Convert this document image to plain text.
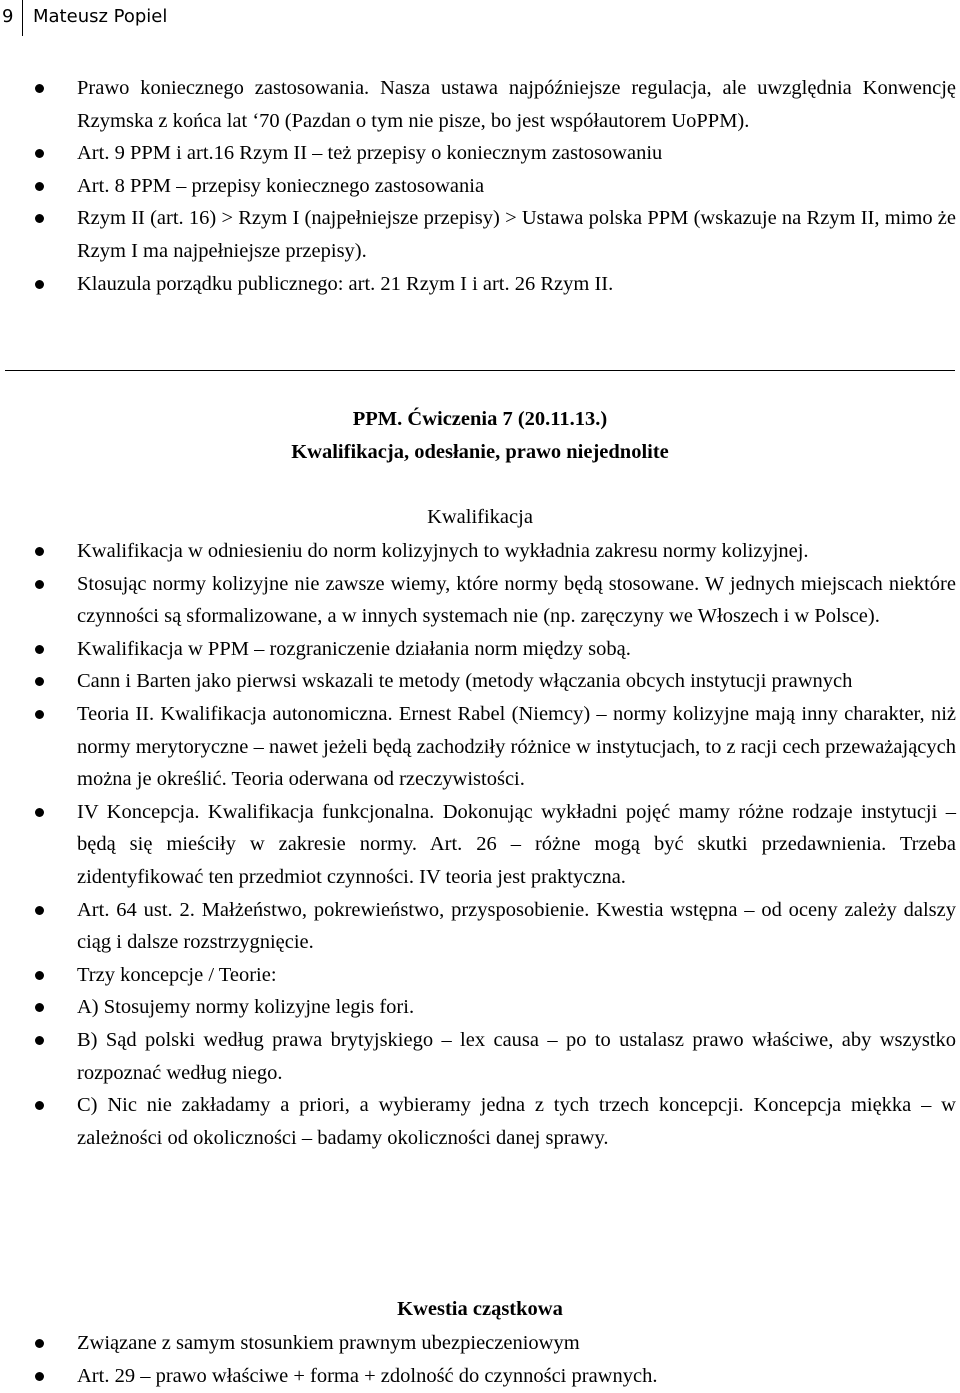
9 Mateusz Popiel
Prawo koniecznego zastosowania. Nasza ustawa najpóźniejsze regulacja, ale uwzględnia Konwencję Rzymska z końca lat ‘70 (Pazdan o tym nie pisze, bo jest współautorem UoPPM).
Art. 9 PPM i art.16 Rzym II – też przepisy o koniecznym zastosowaniu
Art. 8 PPM – przepisy koniecznego zastosowania
Rzym II (art. 16) > Rzym I (najpełniejsze przepisy) > Ustawa polska PPM (wskazuje na Rzym II, mimo że Rzym I ma najpełniejsze przepisy).
Klauzula porządku publicznego: art. 21 Rzym I i art. 26 Rzym II.
PPM. Ćwiczenia 7 (20.11.13.)
Kwalifikacja, odesłanie, prawo niejednolite
Kwalifikacja
Kwalifikacja w odniesieniu do norm kolizyjnych to wykładnia zakresu normy kolizyjnej.
Stosując normy kolizyjne nie zawsze wiemy, które normy będą stosowane. W jednych miejscach niektóre czynności są sformalizowane, a w innych systemach nie (np. zaręczyny we Włoszech i w Polsce).
Kwalifikacja w PPM – rozgraniczenie działania norm między sobą.
Cann i Barten jako pierwsi wskazali te metody (metody włączania obcych instytucji prawnych
Teoria II. Kwalifikacja autonomiczna. Ernest Rabel (Niemcy) – normy kolizyjne mają inny charakter, niż normy merytoryczne – nawet jeżeli będą zachodziły różnice w instytucjach, to z racji cech przeważających można je określić. Teoria oderwana od rzeczywistości.
IV Koncepcja. Kwalifikacja funkcjonalna. Dokonując wykładni pojęć mamy różne rodzaje instytucji – będą się mieściły w zakresie normy. Art. 26 – różne mogą być skutki przedawnienia. Trzeba zidentyfikować ten przedmiot czynności. IV teoria jest praktyczna.
Art. 64 ust. 2. Małżeństwo, pokrewieństwo, przysposobienie. Kwestia wstępna – od oceny zależy dalszy ciąg i dalsze rozstrzygnięcie.
Trzy koncepcje / Teorie:
A) Stosujemy normy kolizyjne legis fori.
B) Sąd polski według prawa brytyjskiego – lex causa – po to ustalasz prawo właściwe, aby wszystko rozpoznać według niego.
C) Nic nie zakładamy a priori, a wybieramy jedna z tych trzech koncepcji. Koncepcja miękka – w zależności od okoliczności – badamy okoliczności danej sprawy.
Kwestia cząstkowa
Związane z samym stosunkiem prawnym ubezpieczeniowym
Art. 29 – prawo właściwe + forma + zdolność do czynności prawnych.
